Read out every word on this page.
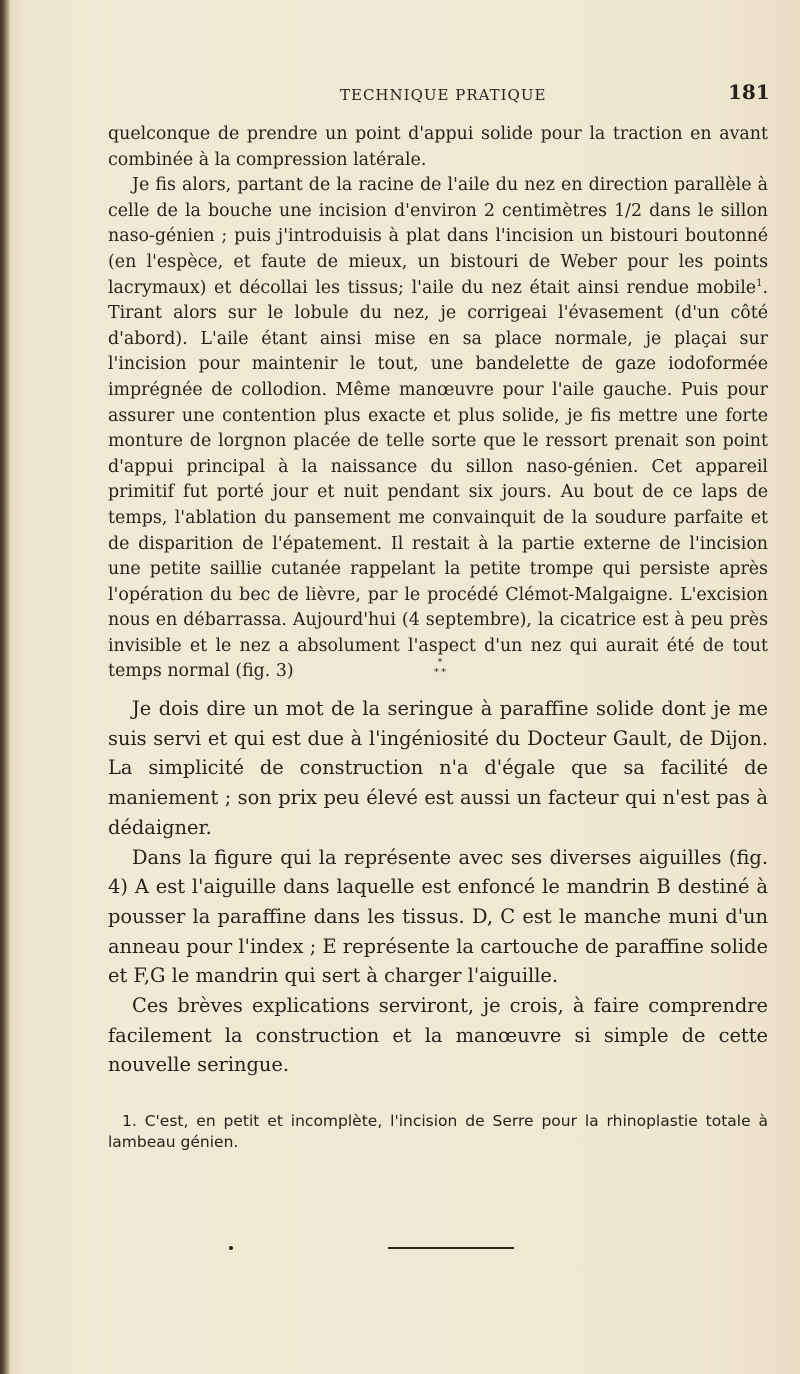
TECHNIQUE PRATIQUE	181

quelconque de prendre un point d'appui solide pour la traction en avant combinée à la compression latérale.

Je fis alors, partant de la racine de l'aile du nez en direction parallèle à celle de la bouche une incision d'environ 2 centimètres 1/2 dans le sillon naso-génien ; puis j'introduisis à plat dans l'incision un bistouri boutonné (en l'espèce, et faute de mieux, un bistouri de Weber pour les points lacrymaux) et décollai les tissus; l'aile du nez était ainsi rendue mobile$^1$. Tirant alors sur le lobule du nez, je corrigeai l'évasement (d'un côté d'abord). L'aile étant ainsi mise en sa place normale, je plaçai sur l'incision pour maintenir le tout, une bandelette de gaze iodoformée imprégnée de collodion. Même manœuvre pour l'aile gauche. Puis pour assurer une contention plus exacte et plus solide, je fis mettre une forte monture de lorgnon placée de telle sorte que le ressort prenait son point d'appui principal à la naissance du sillon naso-génien. Cet appareil primitif fut porté jour et nuit pendant six jours. Au bout de ce laps de temps, l'ablation du pansement me convainquit de la soudure parfaite et de disparition de l'épatement. Il restait à la partie externe de l'incision une petite saillie cutanée rappelant la petite trompe qui persiste après l'opération du bec de lièvre, par le procédé Clémot-Malgaigne. L'excision nous en débarrassa. Aujourd'hui (4 septembre), la cicatrice est à peu près invisible et le nez a absolument l'aspect d'un nez qui aurait été de tout temps normal (fig. 3)	*
* *

Je dois dire un mot de la seringue à paraffine solide dont je me suis servi et qui est due à l'ingéniosité du Docteur Gault, de Dijon. La simplicité de construction n'a d'égale que sa facilité de maniement ; son prix peu élevé est aussi un facteur qui n'est pas à dédaigner.

Dans la figure qui la représente avec ses diverses aiguilles (fig. 4) A est l'aiguille dans laquelle est enfoncé le mandrin B destiné à pousser la paraffine dans les tissus. D, C est le manche muni d'un anneau pour l'index ; E représente la cartouche de paraffine solide et F,G le mandrin qui sert à charger l'aiguille.

Ces brèves explications serviront, je crois, à faire comprendre facilement la construction et la manœuvre si simple de cette nouvelle seringue.

1. C'est, en petit et incomplète, l'incision de Serre pour la rhinoplastie totale à lambeau génien.
